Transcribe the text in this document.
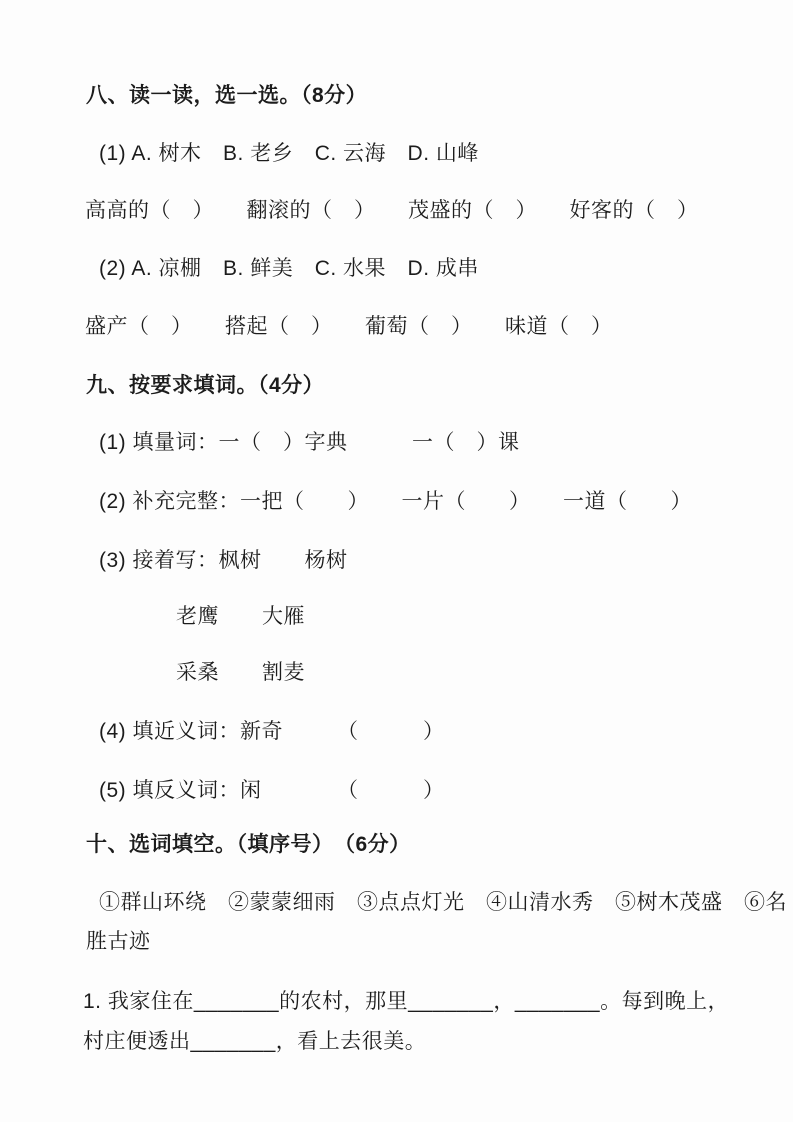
八、读一读，选一选。（8分）
(1) A. 树木　B. 老乡　C. 云海　D. 山峰
高高的（　）　　翻滚的（　）　　茂盛的（　）　　好客的（　）
(2) A. 凉棚　B. 鲜美　C. 水果　D. 成串
盛产（　）　　搭起（　）　　葡萄（　）　　味道（　）
九、按要求填词。（4分）
(1) 填量词：一（　）字典　　　一（　）课
(2) 补充完整：一把（　　）　　一片（　　）　　一道（　　）
(3) 接着写：枫树　　杨树
老鹰　　大雁
采桑　　割麦
(4) 填近义词：新奇　　　（　　　）
(5) 填反义词：闲　　　　（　　　）
十、选词填空。（填序号）　（6分）
①群山环绕　②蒙蒙细雨　③点点灯光　④山清水秀　⑤树木茂盛　⑥名
胜古迹
1. 我家住在_______的农村，那里_______，_______。每到晚上，
村庄便透出_______，看上去很美。
